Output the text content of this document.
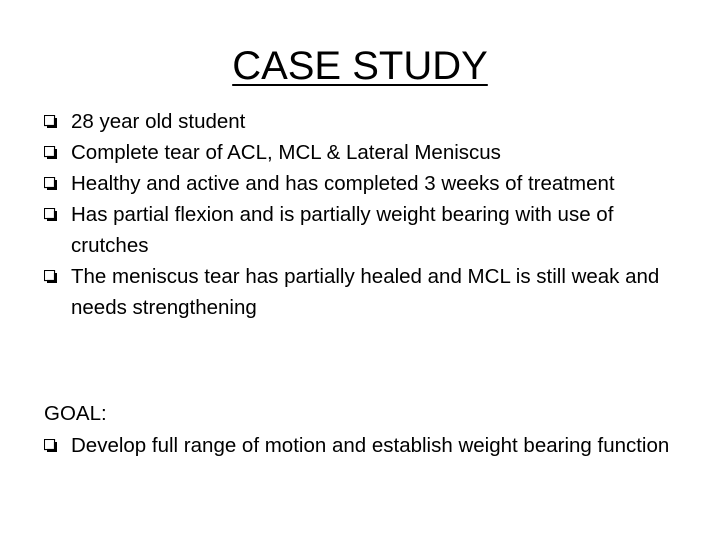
CASE STUDY
28 year old student
Complete tear of ACL, MCL & Lateral Meniscus
Healthy and active and has completed 3 weeks of treatment
Has partial flexion and is partially weight bearing with use of crutches
The meniscus tear has partially healed and MCL is still weak and needs strengthening

GOAL:

Develop full range of motion and establish weight bearing function
